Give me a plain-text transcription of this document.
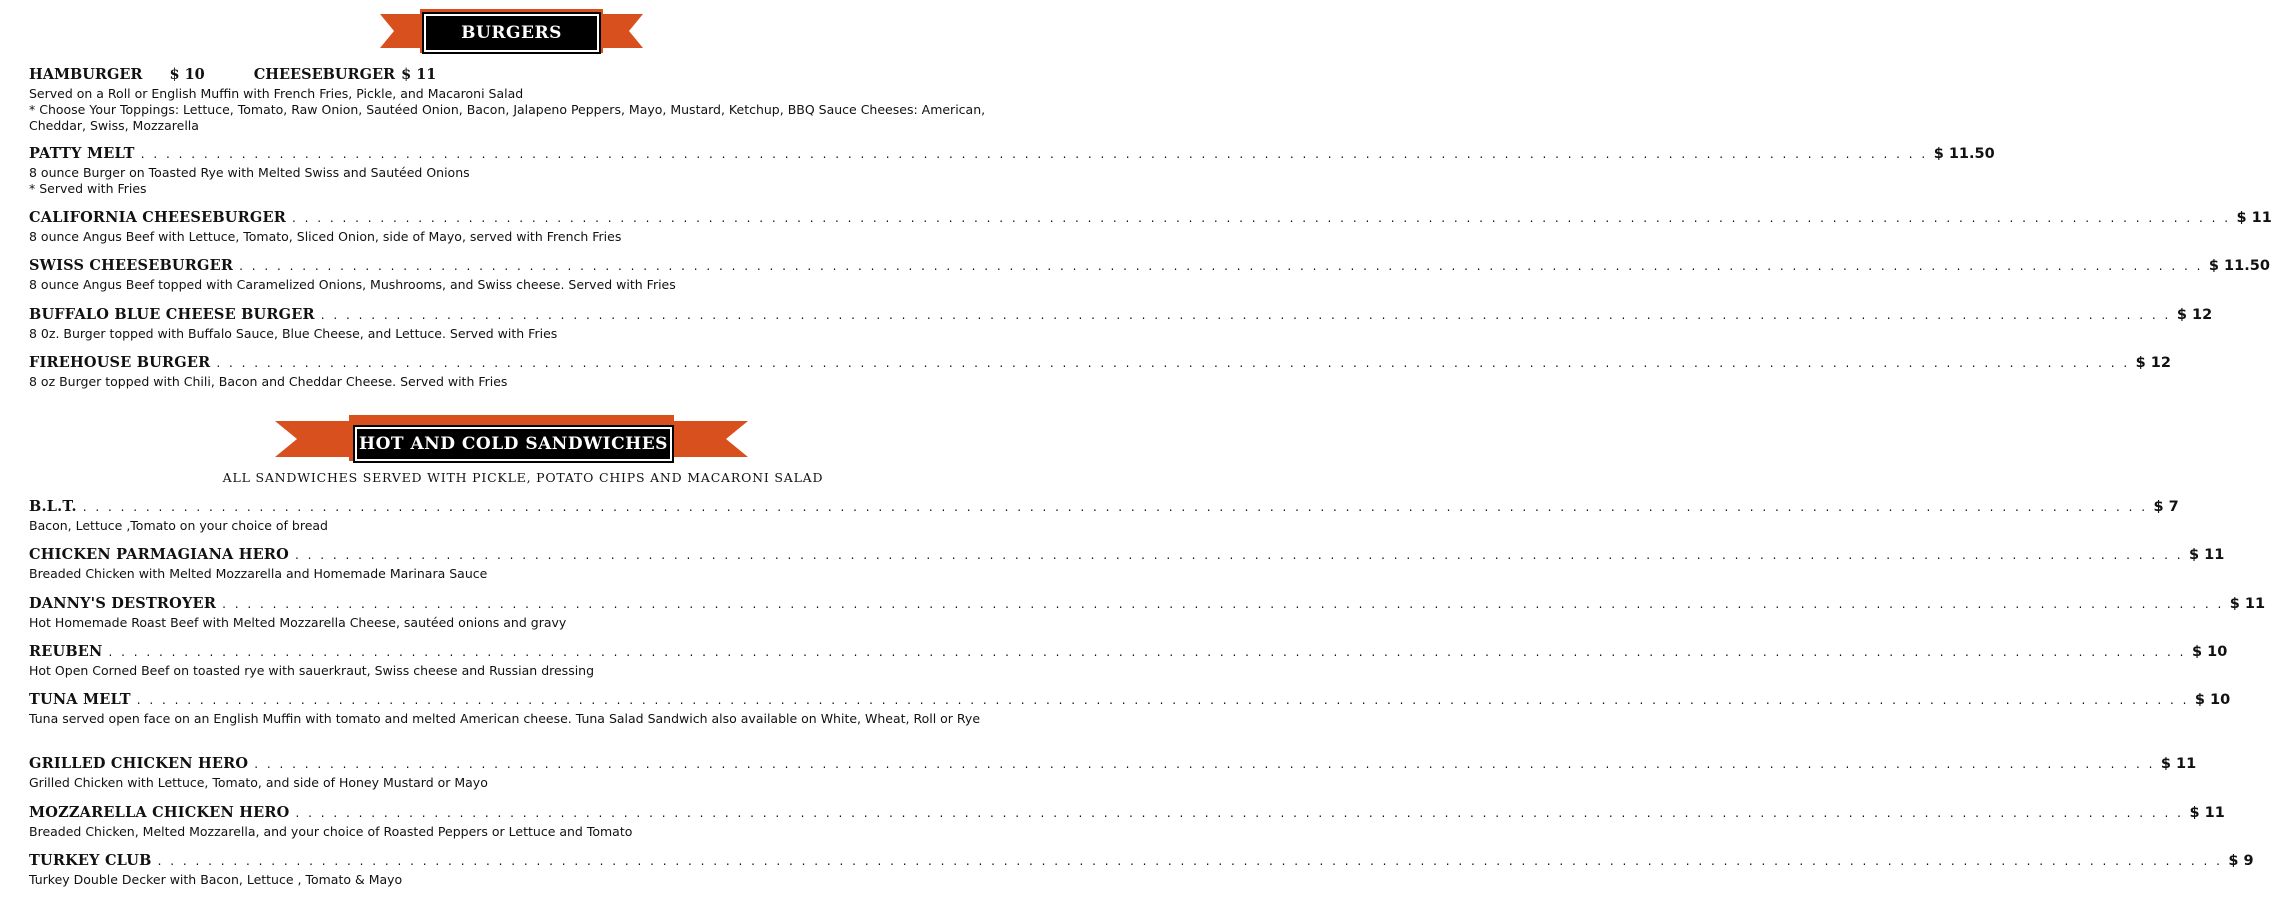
BURGERS
HAMBURGER $ 10	CHEESEBURGER $ 11
Served on a Roll or English Muffin with French Fries, Pickle, and Macaroni Salad
* Choose Your Toppings: Lettuce, Tomato, Raw Onion, Sautéed Onion, Bacon, Jalapeno Peppers, Mayo, Mustard, Ketchup, BBQ Sauce Cheeses: American, Cheddar, Swiss, Mozzarella
PATTY MELT . . . . . . . . . . . . . . . . . . . . . . . . . . . . . . . . . . . . . . . . . . . . . . . . . . . . . . . . . . . . . . . . . . . . . . . . . . . . . . . . . . . . . . . . . . . . . . . . . . . . . . . . . . . . . . . . . . . . . . . . . . . . . . . . . . . . . . . . . . . . . . $ 11.50
8 ounce Burger on Toasted Rye with Melted Swiss and Sautéed Onions
* Served with Fries
CALIFORNIA CHEESEBURGER . . . . . . . . . . . . . . . . . . . . . . . . . . . . . . . . . . . . . . . . . . . . . . . . . . . . . . . . . . . . . . . . . . . . . . . . . . . . . . . . . . . . . . . . . . . . . . . . . . . . . . . . . . . . . . . . . . . . . . . . . . . . . . . . . . . . . . . . . . . . . . . . . . . . . . . . . . $ 11
8 ounce Angus Beef with Lettuce, Tomato, Sliced Onion, side of Mayo, served with French Fries
SWISS CHEESEBURGER . . . . . . . . . . . . . . . . . . . . . . . . . . . . . . . . . . . . . . . . . . . . . . . . . . . . . . . . . . . . . . . . . . . . . . . . . . . . . . . . . . . . . . . . . . . . . . . . . . . . . . . . . . . . . . . . . . . . . . . . . . . . . . . . . . . . . . . . . . . . . . . . . . . . . . . . . . . . $ 11.50
8 ounce Angus Beef topped with Caramelized Onions, Mushrooms, and Swiss cheese. Served with Fries
BUFFALO BLUE CHEESE BURGER . . . . . . . . . . . . . . . . . . . . . . . . . . . . . . . . . . . . . . . . . . . . . . . . . . . . . . . . . . . . . . . . . . . . . . . . . . . . . . . . . . . . . . . . . . . . . . . . . . . . . . . . . . . . . . . . . . . . . . . . . . . . . . . . . . . . . . . . . . . . . . . . . . . $ 12
8 0z. Burger topped with Buffalo Sauce, Blue Cheese, and Lettuce. Served with Fries
FIREHOUSE BURGER . . . . . . . . . . . . . . . . . . . . . . . . . . . . . . . . . . . . . . . . . . . . . . . . . . . . . . . . . . . . . . . . . . . . . . . . . . . . . . . . . . . . . . . . . . . . . . . . . . . . . . . . . . . . . . . . . . . . . . . . . . . . . . . . . . . . . . . . . . . . . . . . . . . . . . . . $ 12
8 oz Burger topped with Chili, Bacon and Cheddar Cheese. Served with Fries
HOT AND COLD SANDWICHES
ALL SANDWICHES SERVED WITH PICKLE, POTATO CHIPS AND MACARONI SALAD
B.L.T. . . . . . . . . . . . . . . . . . . . . . . . . . . . . . . . . . . . . . . . . . . . . . . . . . . . . . . . . . . . . . . . . . . . . . . . . . . . . . . . . . . . . . . . . . . . . . . . . . . . . . . . . . . . . . . . . . . . . . . . . . . . . . . . . . . . . . . . . . . . . . . . . . . . . . . . . . . . . . . . . . . . . $ 7
Bacon, Lettuce ,Tomato on your choice of bread
CHICKEN PARMAGIANA HERO . . . . . . . . . . . . . . . . . . . . . . . . . . . . . . . . . . . . . . . . . . . . . . . . . . . . . . . . . . . . . . . . . . . . . . . . . . . . . . . . . . . . . . . . . . . . . . . . . . . . . . . . . . . . . . . . . . . . . . . . . . . . . . . . . . . . . . . . . . . . . . . . . . . . . . $ 11
Breaded Chicken with Melted Mozzarella and Homemade Marinara Sauce
DANNY'S DESTROYER . . . . . . . . . . . . . . . . . . . . . . . . . . . . . . . . . . . . . . . . . . . . . . . . . . . . . . . . . . . . . . . . . . . . . . . . . . . . . . . . . . . . . . . . . . . . . . . . . . . . . . . . . . . . . . . . . . . . . . . . . . . . . . . . . . . . . . . . . . . . . . . . . . . . . . . . . . . . . . . $ 11
Hot Homemade Roast Beef with Melted Mozzarella Cheese, sautéed onions and gravy
REUBEN . . . . . . . . . . . . . . . . . . . . . . . . . . . . . . . . . . . . . . . . . . . . . . . . . . . . . . . . . . . . . . . . . . . . . . . . . . . . . . . . . . . . . . . . . . . . . . . . . . . . . . . . . . . . . . . . . . . . . . . . . . . . . . . . . . . . . . . . . . . . . . . . . . . . . . . . . . . . . . . . . . . . . $ 10
Hot Open Corned Beef on toasted rye with sauerkraut, Swiss cheese and Russian dressing
TUNA MELT . . . . . . . . . . . . . . . . . . . . . . . . . . . . . . . . . . . . . . . . . . . . . . . . . . . . . . . . . . . . . . . . . . . . . . . . . . . . . . . . . . . . . . . . . . . . . . . . . . . . . . . . . . . . . . . . . . . . . . . . . . . . . . . . . . . . . . . . . . . . . . . . . . . . . . . . . . . . . . . . . . . $ 10
Tuna served open face on an English Muffin with tomato and melted American cheese. Tuna Salad Sandwich also available on White, Wheat, Roll or Rye
GRILLED CHICKEN HERO . . . . . . . . . . . . . . . . . . . . . . . . . . . . . . . . . . . . . . . . . . . . . . . . . . . . . . . . . . . . . . . . . . . . . . . . . . . . . . . . . . . . . . . . . . . . . . . . . . . . . . . . . . . . . . . . . . . . . . . . . . . . . . . . . . . . . . . . . . . . . . . . . . . . . . . $ 11
Grilled Chicken with Lettuce, Tomato, and side of Honey Mustard or Mayo
MOZZARELLA CHICKEN HERO . . . . . . . . . . . . . . . . . . . . . . . . . . . . . . . . . . . . . . . . . . . . . . . . . . . . . . . . . . . . . . . . . . . . . . . . . . . . . . . . . . . . . . . . . . . . . . . . . . . . . . . . . . . . . . . . . . . . . . . . . . . . . . . . . . . . . . . . . . . . . . . . . . . . . . $ 11
Breaded Chicken, Melted Mozzarella, and your choice of Roasted Peppers or Lettuce and Tomato
TURKEY CLUB . . . . . . . . . . . . . . . . . . . . . . . . . . . . . . . . . . . . . . . . . . . . . . . . . . . . . . . . . . . . . . . . . . . . . . . . . . . . . . . . . . . . . . . . . . . . . . . . . . . . . . . . . . . . . . . . . . . . . . . . . . . . . . . . . . . . . . . . . . . . . . . . . . . . . . . . . . . . . . . . . . . . $ 9
Turkey Double Decker with Bacon, Lettuce , Tomato & Mayo
